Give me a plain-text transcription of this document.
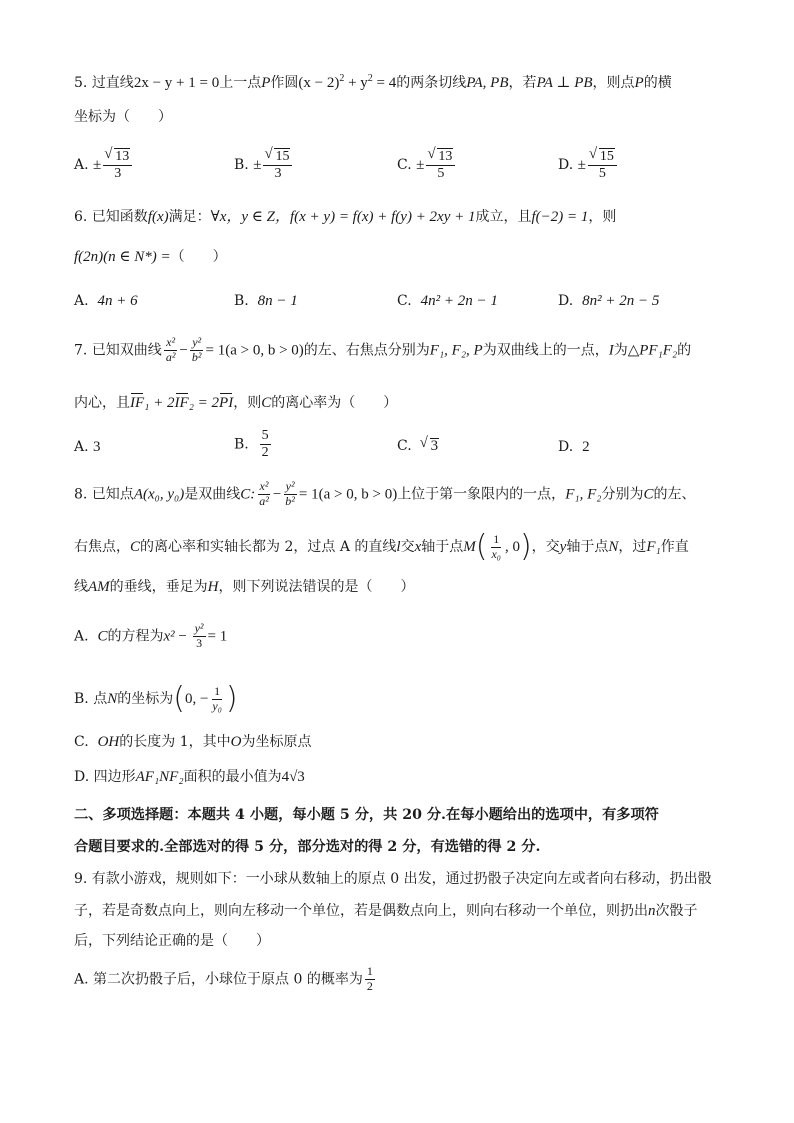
5. 过直线2x − y + 1 = 0上一点P作圆$(x - 2)^2 + y^2 = 4$的两条切线PA, PB，若PA ⊥ PB，则点P的横
坐标为（　　）
A. ± √ $\frac{13}{3}$	B. ± √ $\frac{15}{3}$	C. ± √ $\frac{13}{5}$	D. ± √ $\frac{15}{5}$
6. 已知函数f(x)满足：∀x，y ∈ Z，f(x + y) = f(x) + f(y) + 2xy + 1成立，且f(−2) = 1，则
f(2n)(n ∈ N*) =（　　）
A. 4n + 6	B. 8n − 1	C. 4n² + 2n − 1	D. 8n² + 2n − 5
7. 已知双曲线 $\frac{\text{x²}}{\text{a²}} - \frac{\text{y²}}{\text{b²}} = 1(a > 0$, b > 0)的左、右焦点分别为F₁, F₂, P为双曲线上的一点，I为△PF₁F₂的
内心，且IF₁ + 2IF₂ = 2PI，则C的离心率为（　　）
A. 3	B. $\frac{5}{2}$	C. √ 3	D. 2
8. 已知点A(x₀, y₀)是双曲线C: $\frac{\text{x²}}{\text{a²}} - \frac{\text{y²}}{\text{b²}} = 1(a > 0$, b > 0)上位于第一象限内的一点，F₁, F₂分别为C的左、
右焦点，C的离心率和实轴长都为 2，过点 A 的直线l交x轴于点$M( \frac{1}{\text{x₀}}$ , 0)，交y轴于点N，过F₁作直
线AM的垂线，垂足为H，则下列说法错误的是（　　）
A. C的方程为$x^2 - \frac{\text{y²}}{3} = 1$
B. 点N的坐标为(0, − $\frac{1}{\text{y₀}}$ )
C. OH的长度为 1，其中O为坐标原点
D. 四边形AF₁NF₂面积的最小值为4√3
二、多项选择题：本题共 4 小题，每小题 5 分，共 20 分.在每小题给出的选项中，有多项符
合题目要求的.全部选对的得 5 分，部分选对的得 2 分，有选错的得 2 分.
9. 有款小游戏，规则如下：一小球从数轴上的原点 0 出发，通过扔骰子决定向左或者向右移动，扔出骰
子，若是奇数点向上，则向左移动一个单位，若是偶数点向上，则向右移动一个单位，则扔出n次骰子
后，下列结论正确的是（　　）
A. 第二次扔骰子后，小球位于原点 0 的概率为 $\frac{1}{2}$
